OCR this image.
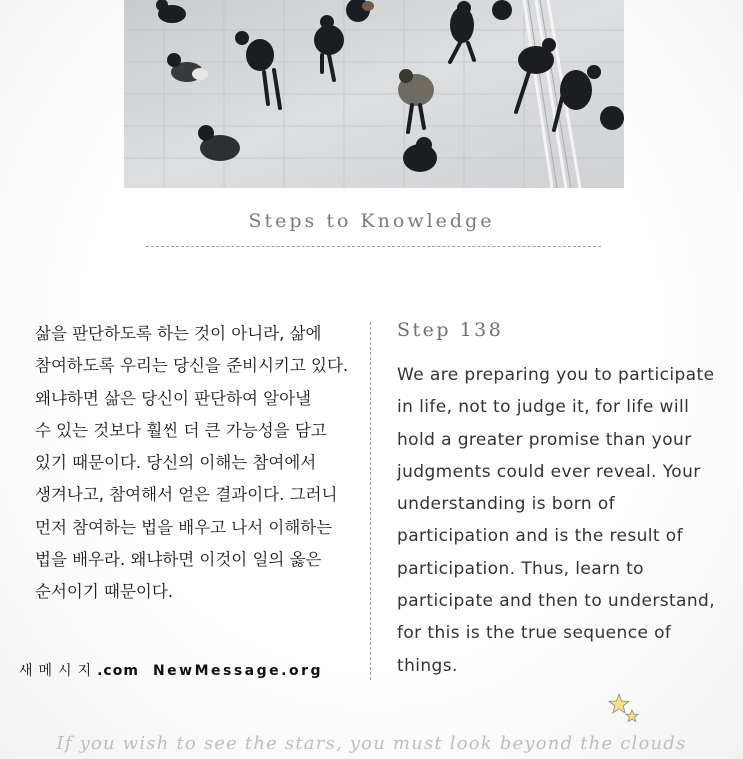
Steps to Knowledge
삶을 판단하도록 하는 것이 아니라, 삶에
참여하도록 우리는 당신을 준비시키고 있다.
왜냐하면 삶은 당신이 판단하여 알아낼
수 있는 것보다 훨씬 더 큰 가능성을 담고
있기 때문이다. 당신의 이해는 참여에서
생겨나고, 참여해서 얻은 결과이다. 그러니
먼저 참여하는 법을 배우고 나서 이해하는
법을 배우라. 왜냐하면 이것이 일의 옳은
순서이기 때문이다.
새메시지.com NewMessage.org
Step 138
We are preparing you to participate
in life, not to judge it, for life will
hold a greater promise than your
judgments could ever reveal. Your
understanding is born of
participation and is the result of
participation. Thus, learn to
participate and then to understand,
for this is the true sequence of
things.
If you wish to see the stars, you must look beyond the clouds
